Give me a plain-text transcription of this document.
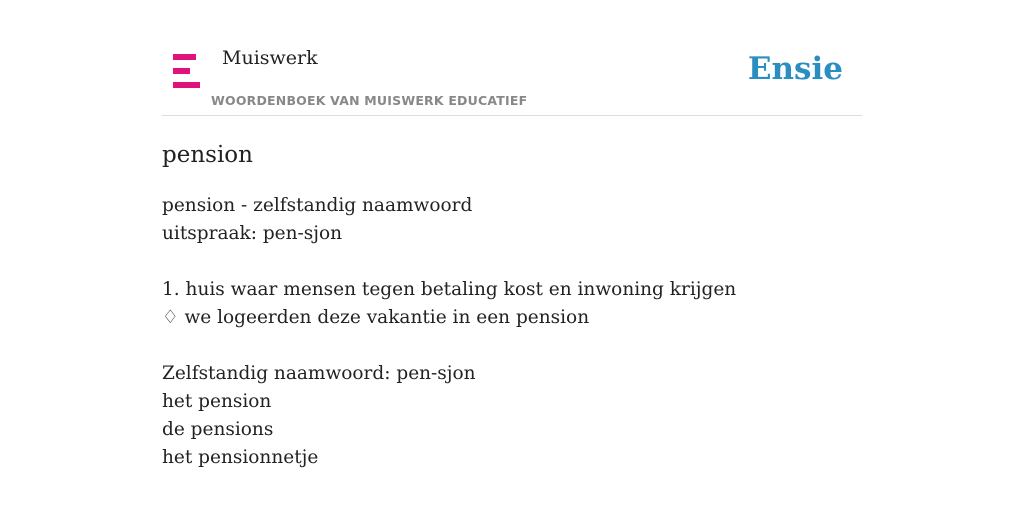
Muiswerk
WOORDENBOEK VAN MUISWERK EDUCATIEF
Ensie
pension
pension - zelfstandig naamwoord
uitspraak: pen-sjon
1. huis waar mensen tegen betaling kost en inwoning krijgen
♢ we logeerden deze vakantie in een pension
Zelfstandig naamwoord: pen-sjon
het pension
de pensions
het pensionnetje
